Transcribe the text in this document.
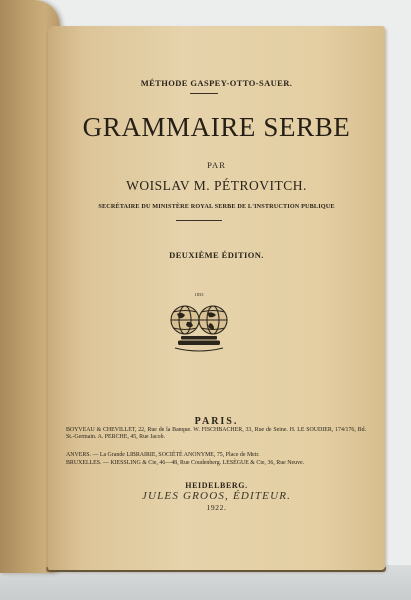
MÉTHODE GASPEY-OTTO-SAUER.

GRAMMAIRE SERBE

PAR

WOISLAV M. PÉTROVITCH.

SECRÉTAIRE DU MINISTÈRE ROYAL SERBE DE L'INSTRUCTION PUBLIQUE

DEUXIÈME ÉDITION.

1833

PARIS.

BOYVEAU & CHEVILLET, 22, Rue de la Banque. W. FISCHBACHER, 33, Rue de Seine. H. LE SOUDIER, 174/176, Bd. St.-Germain. A. PERCHE, 45, Rue Jacob.

ANVERS. — La Grande LIBRAIRIE, SOCIÉTÉ ANONYME, 75, Place de Meir.

BRUXELLES. — KIESSLING & Cie, 46—48, Rue Coudenberg. LESÈGUE & Cie, 36, Rue Neuve.

HEIDELBERG.

JULES GROOS, ÉDITEUR.

1922.
